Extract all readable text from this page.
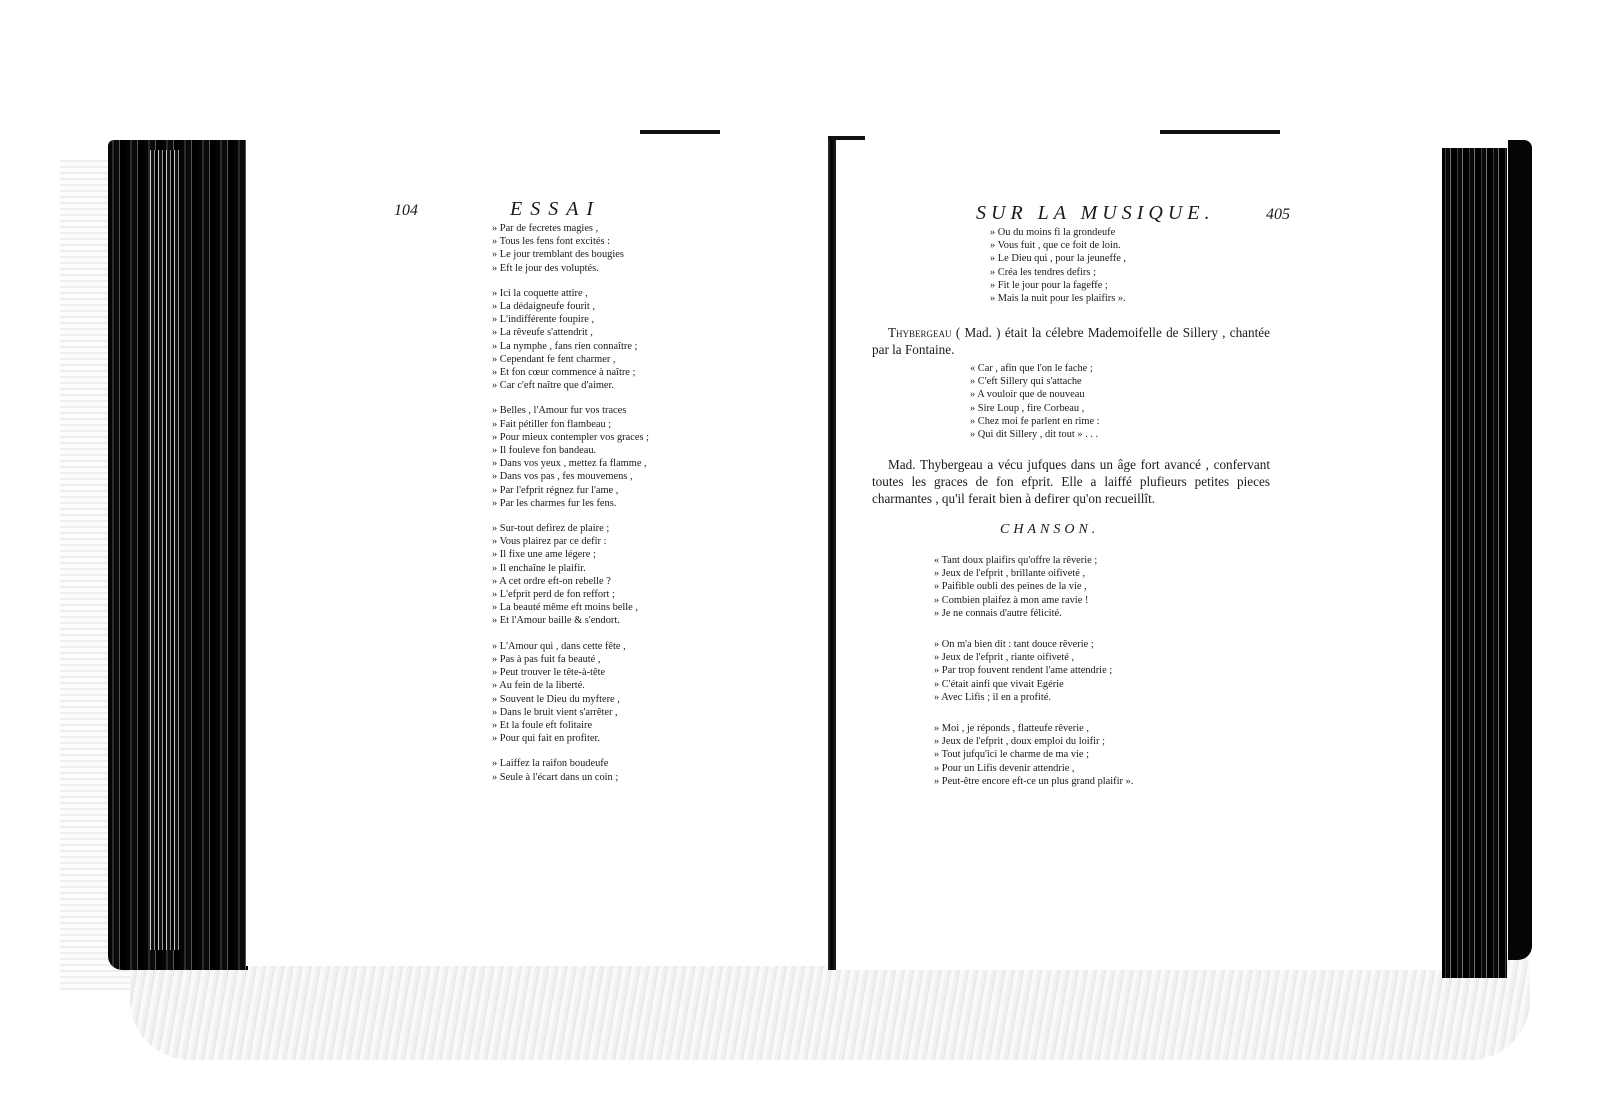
104	ESSAI
» Par de fecretes magies ,
» Tous les fens font excités :
» Le jour tremblant des bougies
» Eft le jour des voluptés.
» Ici la coquette attire ,
» La dédaigneufe fourit ,
» L'indifférente foupire ,
» La rêveufe s'attendrit ,
» La nymphe , fans rien connaître ;
» Cependant fe fent charmer ,
» Et fon cœur commence à naître ;
» Car c'eft naître que d'aimer.
» Belles , l'Amour fur vos traces
» Fait pétiller fon flambeau ;
» Pour mieux contempler vos graces ;
» Il fouleve fon bandeau.
» Dans vos yeux , mettez fa flamme ,
» Dans vos pas , fes mouvemens ,
» Par l'efprit régnez fur l'ame ,
» Par les charmes fur les fens.
» Sur-tout defirez de plaire ;
» Vous plairez par ce defir :
» Il fixe une ame légere ;
» Il enchaîne le plaifir.
» A cet ordre eft-on rebelle ?
» L'efprit perd de fon reffort ;
» La beauté même eft moins belle ,
» Et l'Amour baille & s'endort.
» L'Amour qui , dans cette fête ,
» Pas à pas fuit fa beauté ,
» Peut trouver le tête-à-tête
» Au fein de la liberté.
» Souvent le Dieu du myftere ,
» Dans le bruit vient s'arrêter ,
» Et la foule eft folitaire
» Pour qui fait en profiter.
» Laiffez la raifon boudeufe
» Seule à l'écart dans un coin ;
SUR LA MUSIQUE.	405
» Ou du moins fi la grondeufe
» Vous fuit , que ce foit de loin.
» Le Dieu qui , pour la jeuneffe ,
» Créa les tendres defirs ;
» Fit le jour pour la fageffe ;
» Mais la nuit pour les plaifirs ».
Thybergeau ( Mad. ) était la célebre Mademoifelle de Sillery , chantée par la Fontaine.
« Car , afin que l'on le fache ;
» C'eft Sillery qui s'attache
» A vouloir que de nouveau
» Sire Loup , fire Corbeau ,
» Chez moi fe parlent en rime :
» Qui dit Sillery , dit tout » . . .
Mad. Thybergeau a vécu jufques dans un âge fort avancé , confervant toutes les graces de fon efprit. Elle a laiffé plufieurs petites pieces charmantes , qu'il ferait bien à defirer qu'on recueillît.
CHANSON.
« Tant doux plaifirs qu'offre la rêverie ;
» Jeux de l'efprit , brillante oifiveté ,
» Paifible oubli des peines de la vie ,
» Combien plaifez à mon ame ravie !
» Je ne connais d'autre félicité.
» On m'a bien dit : tant douce rêverie ;
» Jeux de l'efprit , riante oifiveté ,
» Par trop fouvent rendent l'ame attendrie ;
» C'était ainfi que vivait Egérie
» Avec Lifis ; il en a profité.
» Moi , je réponds , flatteufe rêverie ,
» Jeux de l'efprit , doux emploi du loifir ;
» Tout jufqu'ici le charme de ma vie ;
» Pour un Lifis devenir attendrie ,
» Peut-être encore eft-ce un plus grand plaifir ».
